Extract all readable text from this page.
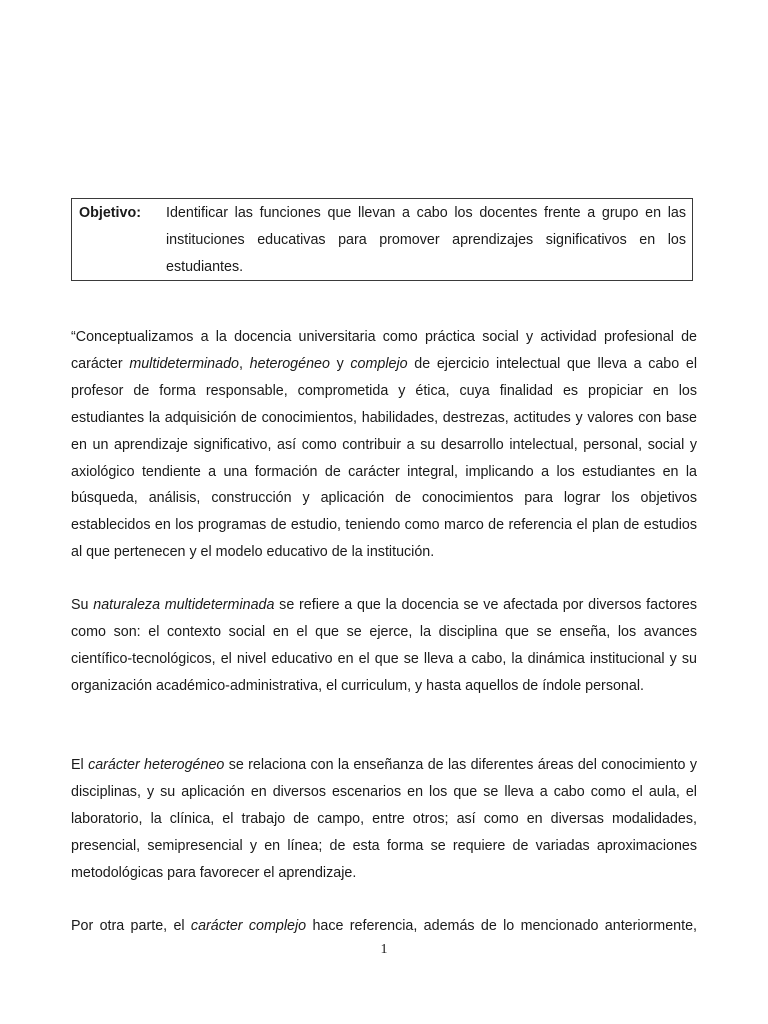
Objetivo:	Identificar las funciones que llevan a cabo los docentes frente a grupo en las instituciones educativas para promover aprendizajes significativos en los estudiantes.

“Conceptualizamos a la docencia universitaria como práctica social y actividad profesional de carácter multideterminado, heterogéneo y complejo de ejercicio intelectual que lleva a cabo el profesor de forma responsable, comprometida y ética, cuya finalidad es propiciar en los estudiantes la adquisición de conocimientos, habilidades, destrezas, actitudes y valores con base en un aprendizaje significativo, así como contribuir a su desarrollo intelectual, personal, social y axiológico tendiente a una formación de carácter integral, implicando a los estudiantes en la búsqueda, análisis, construcción y aplicación de conocimientos para lograr los objetivos establecidos en los programas de estudio, teniendo como marco de referencia el plan de estudios al que pertenecen y el modelo educativo de la institución.

Su naturaleza multideterminada se refiere a que la docencia se ve afectada por diversos factores como son: el contexto social en el que se ejerce, la disciplina que se enseña, los avances científico-tecnológicos, el nivel educativo en el que se lleva a cabo, la dinámica institucional y su organización académico-administrativa, el curriculum, y hasta aquellos de índole personal.

El carácter heterogéneo se relaciona con la enseñanza de las diferentes áreas del conocimiento y disciplinas, y su aplicación en diversos escenarios en los que se lleva a cabo como el aula, el laboratorio, la clínica, el trabajo de campo, entre otros; así como en diversas modalidades, presencial, semipresencial y en línea; de esta forma se requiere de variadas aproximaciones metodológicas para favorecer el aprendizaje.

Por otra parte, el carácter complejo hace referencia, además de lo mencionado anteriormente,

1
